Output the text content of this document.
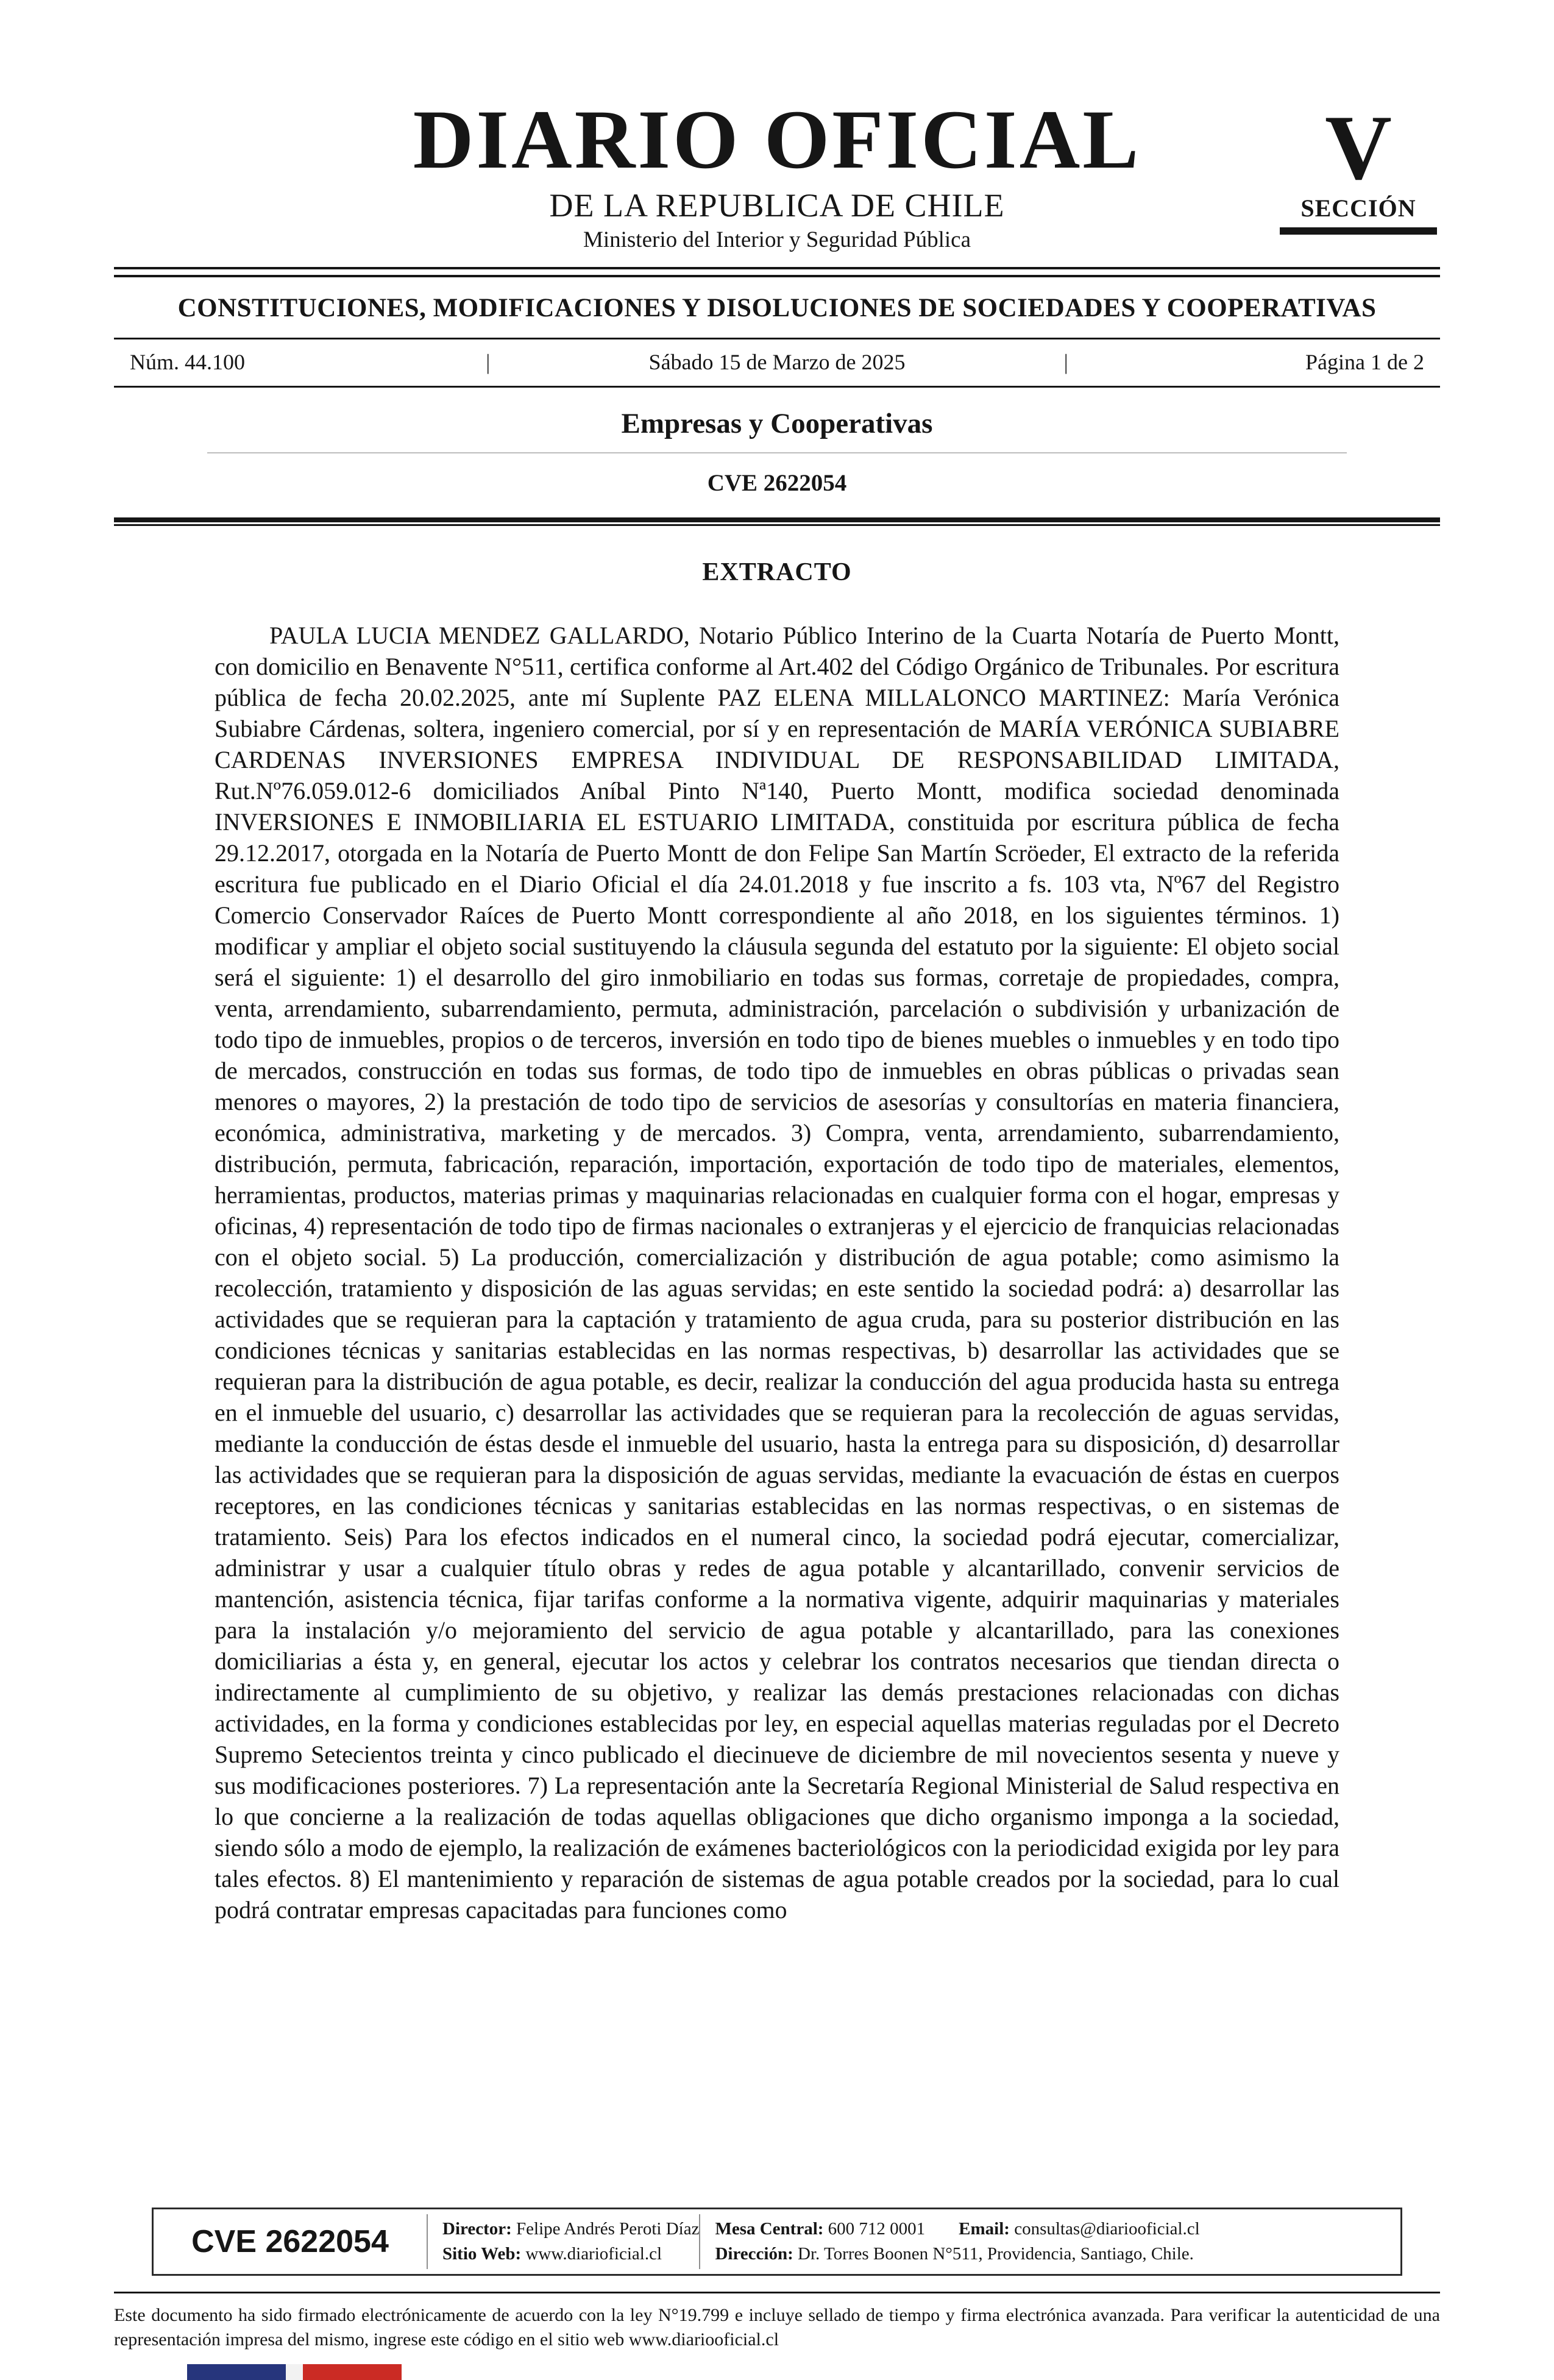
DIARIO OFICIAL
DE LA REPUBLICA DE CHILE
Ministerio del Interior y Seguridad Pública
V
SECCIÓN
CONSTITUCIONES, MODIFICACIONES Y DISOLUCIONES DE SOCIEDADES Y COOPERATIVAS
Núm. 44.100	|	Sábado 15 de Marzo de 2025	|	Página 1 de 2
Empresas y Cooperativas
CVE 2622054
EXTRACTO

PAULA LUCIA MENDEZ GALLARDO, Notario Público Interino de la Cuarta Notaría de Puerto Montt, con domicilio en Benavente N°511, certifica conforme al Art.402 del Código Orgánico de Tribunales. Por escritura pública de fecha 20.02.2025, ante mí Suplente PAZ ELENA MILLALONCO MARTINEZ: María Verónica Subiabre Cárdenas, soltera, ingeniero comercial, por sí y en representación de MARÍA VERÓNICA SUBIABRE CARDENAS INVERSIONES EMPRESA INDIVIDUAL DE RESPONSABILIDAD LIMITADA, Rut.Nº76.059.012-6 domiciliados Aníbal Pinto Nª140, Puerto Montt, modifica sociedad denominada INVERSIONES E INMOBILIARIA EL ESTUARIO LIMITADA, constituida por escritura pública de fecha 29.12.2017, otorgada en la Notaría de Puerto Montt de don Felipe San Martín Scröeder, El extracto de la referida escritura fue publicado en el Diario Oficial el día 24.01.2018 y fue inscrito a fs. 103 vta, Nº67 del Registro Comercio Conservador Raíces de Puerto Montt correspondiente al año 2018, en los siguientes términos. 1) modificar y ampliar el objeto social sustituyendo la cláusula segunda del estatuto por la siguiente: El objeto social será el siguiente: 1) el desarrollo del giro inmobiliario en todas sus formas, corretaje de propiedades, compra, venta, arrendamiento, subarrendamiento, permuta, administración, parcelación o subdivisión y urbanización de todo tipo de inmuebles, propios o de terceros, inversión en todo tipo de bienes muebles o inmuebles y en todo tipo de mercados, construcción en todas sus formas, de todo tipo de inmuebles en obras públicas o privadas sean menores o mayores, 2) la prestación de todo tipo de servicios de asesorías y consultorías en materia financiera, económica, administrativa, marketing y de mercados. 3) Compra, venta, arrendamiento, subarrendamiento, distribución, permuta, fabricación, reparación, importación, exportación de todo tipo de materiales, elementos, herramientas, productos, materias primas y maquinarias relacionadas en cualquier forma con el hogar, empresas y oficinas, 4) representación de todo tipo de firmas nacionales o extranjeras y el ejercicio de franquicias relacionadas con el objeto social. 5) La producción, comercialización y distribución de agua potable; como asimismo la recolección, tratamiento y disposición de las aguas servidas; en este sentido la sociedad podrá: a) desarrollar las actividades que se requieran para la captación y tratamiento de agua cruda, para su posterior distribución en las condiciones técnicas y sanitarias establecidas en las normas respectivas, b) desarrollar las actividades que se requieran para la distribución de agua potable, es decir, realizar la conducción del agua producida hasta su entrega en el inmueble del usuario, c) desarrollar las actividades que se requieran para la recolección de aguas servidas, mediante la conducción de éstas desde el inmueble del usuario, hasta la entrega para su disposición, d) desarrollar las actividades que se requieran para la disposición de aguas servidas, mediante la evacuación de éstas en cuerpos receptores, en las condiciones técnicas y sanitarias establecidas en las normas respectivas, o en sistemas de tratamiento. Seis) Para los efectos indicados en el numeral cinco, la sociedad podrá ejecutar, comercializar, administrar y usar a cualquier título obras y redes de agua potable y alcantarillado, convenir servicios de mantención, asistencia técnica, fijar tarifas conforme a la normativa vigente, adquirir maquinarias y materiales para la instalación y/o mejoramiento del servicio de agua potable y alcantarillado, para las conexiones domiciliarias a ésta y, en general, ejecutar los actos y celebrar los contratos necesarios que tiendan directa o indirectamente al cumplimiento de su objetivo, y realizar las demás prestaciones relacionadas con dichas actividades, en la forma y condiciones establecidas por ley, en especial aquellas materias reguladas por el Decreto Supremo Setecientos treinta y cinco publicado el diecinueve de diciembre de mil novecientos sesenta y nueve y sus modificaciones posteriores. 7) La representación ante la Secretaría Regional Ministerial de Salud respectiva en lo que concierne a la realización de todas aquellas obligaciones que dicho organismo imponga a la sociedad, siendo sólo a modo de ejemplo, la realización de exámenes bacteriológicos con la periodicidad exigida por ley para tales efectos. 8) El mantenimiento y reparación de sistemas de agua potable creados por la sociedad, para lo cual podrá contratar empresas capacitadas para funciones como

CVE 2622054	Director: Felipe Andrés Peroti Díaz
Sitio Web: www.diarioficial.cl
Mesa Central: 600 712 0001 Email: consultas@diariooficial.cl
Dirección: Dr. Torres Boonen N°511, Providencia, Santiago, Chile.

Este documento ha sido firmado electrónicamente de acuerdo con la ley N°19.799 e incluye sellado de tiempo y firma electrónica avanzada. Para verificar la autenticidad de una representación impresa del mismo, ingrese este código en el sitio web www.diariooficial.cl
